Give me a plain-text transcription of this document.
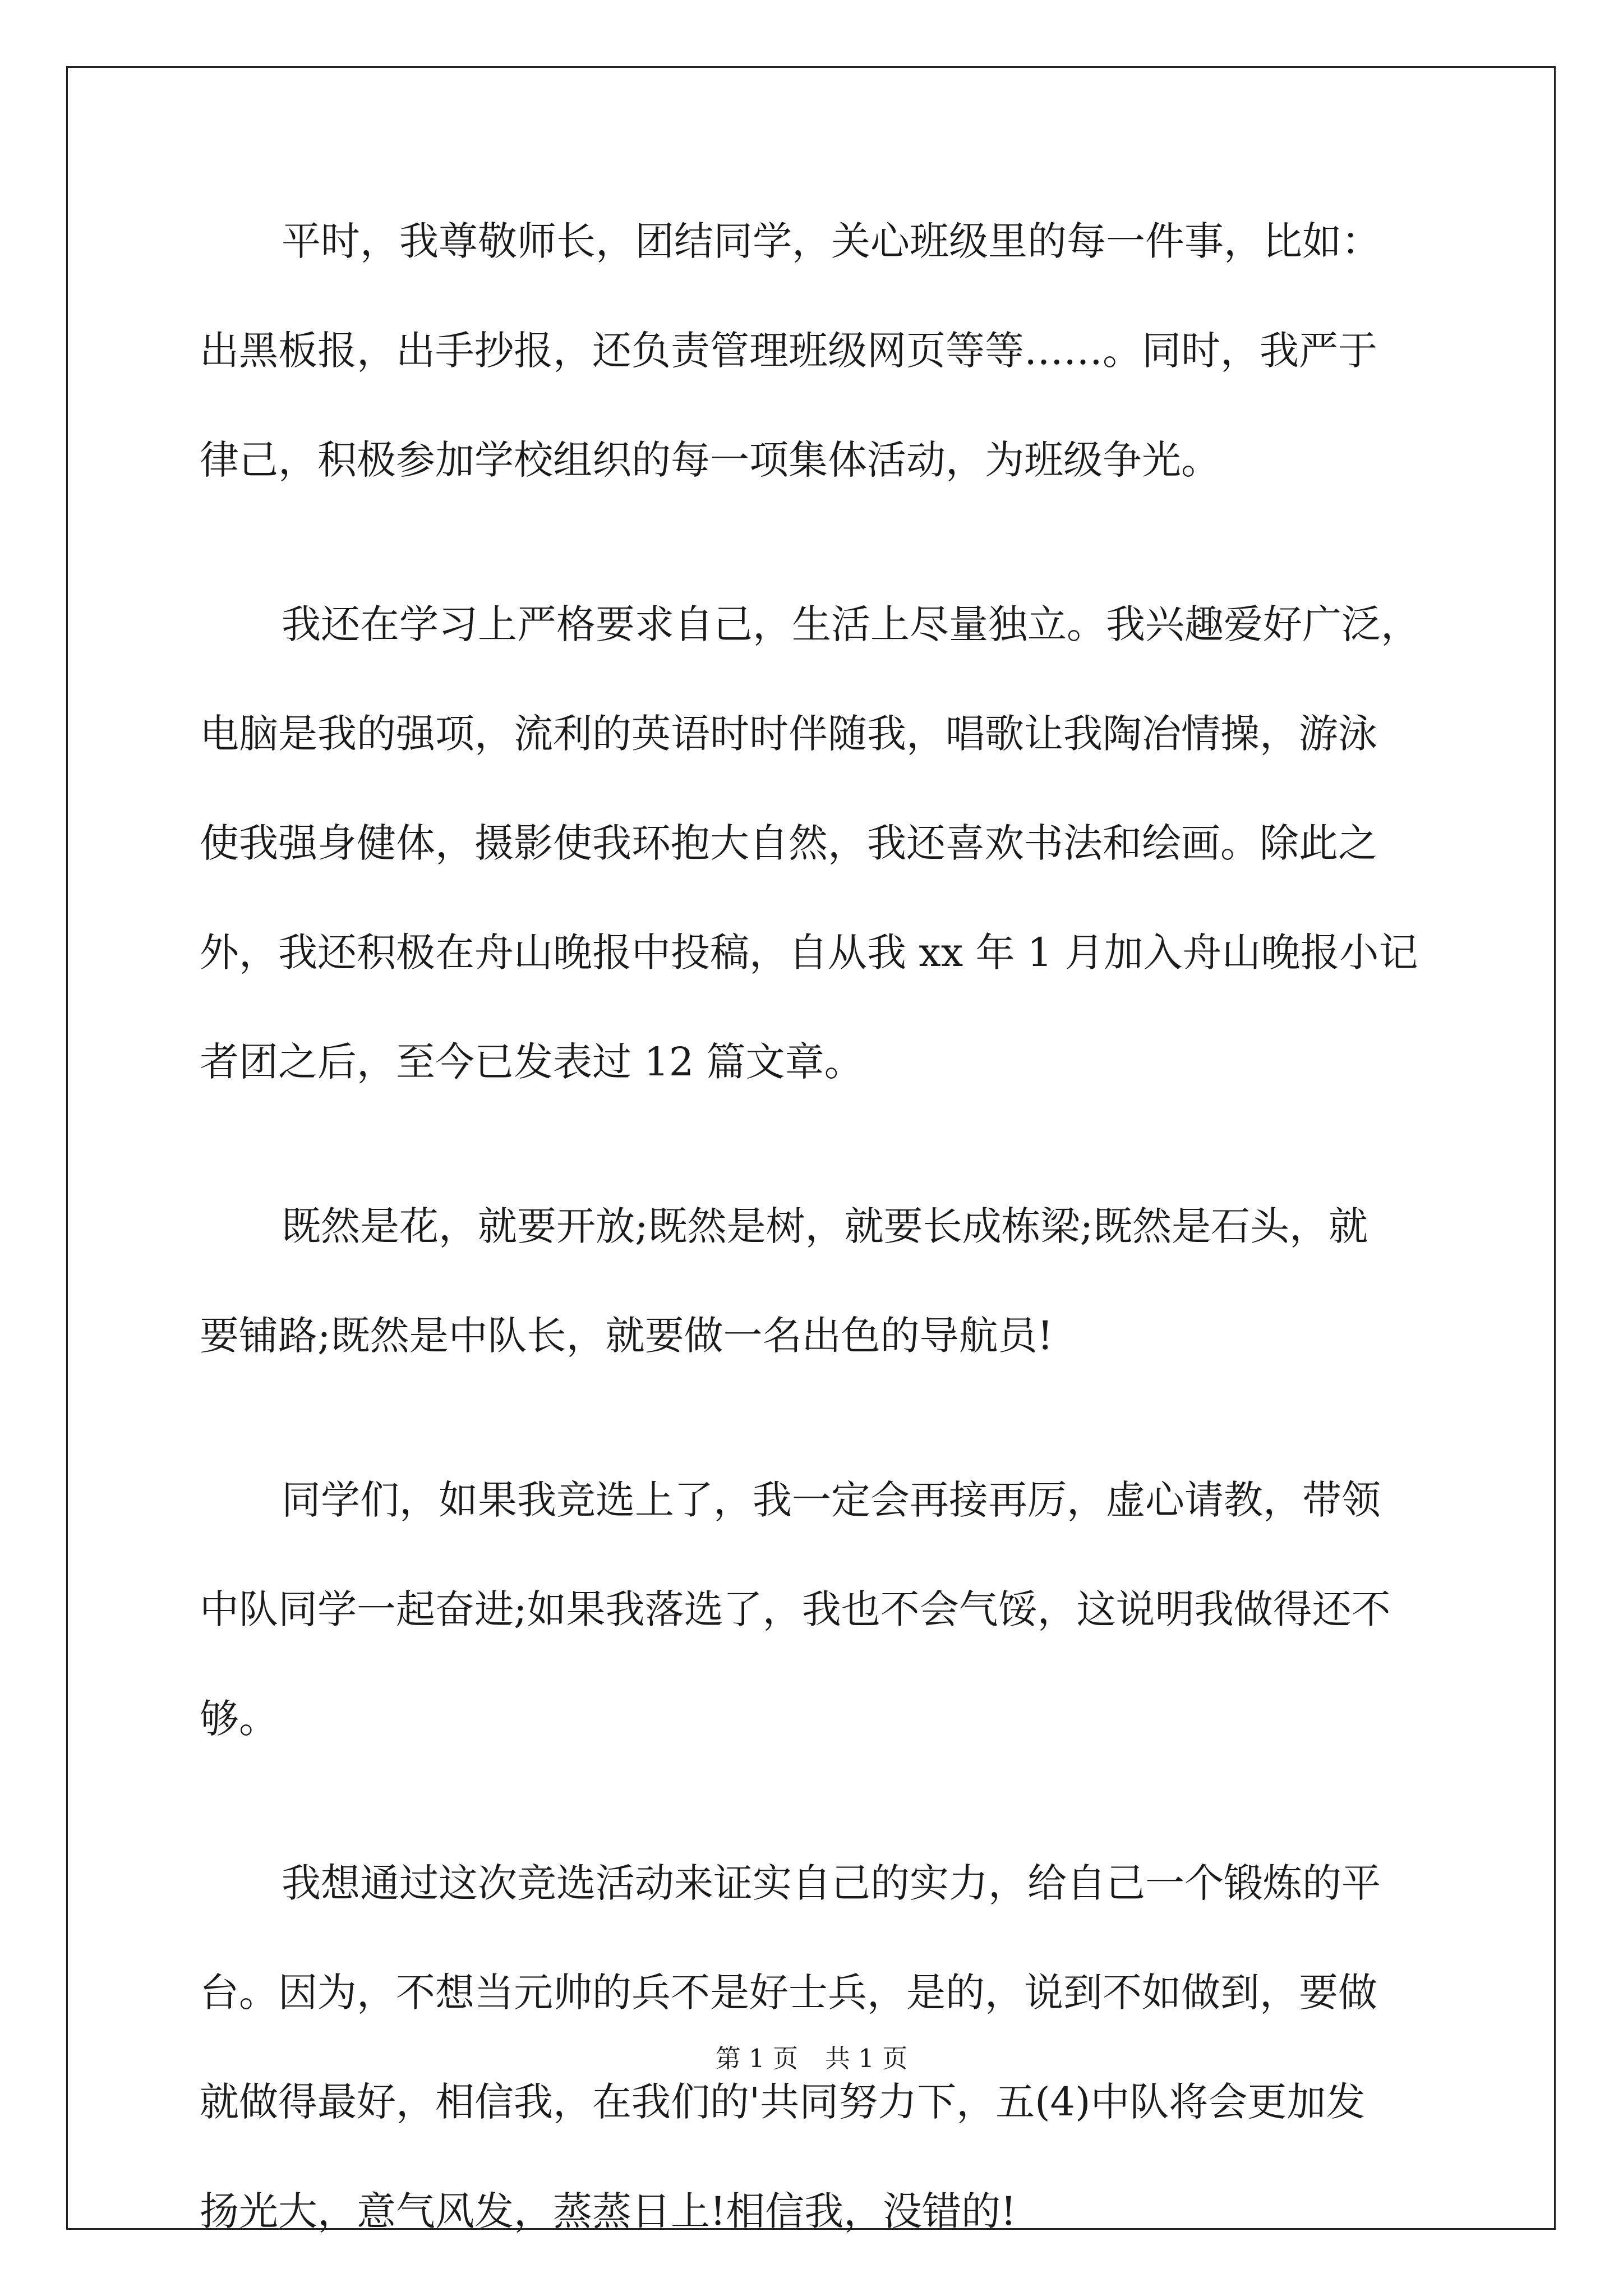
平时，我尊敬师长，团结同学，关心班级里的每一件事，比如：
出黑板报，出手抄报，还负责管理班级网页等等……。同时，我严于
律己，积极参加学校组织的每一项集体活动，为班级争光。
我还在学习上严格要求自己，生活上尽量独立。我兴趣爱好广泛，
电脑是我的强项，流利的英语时时伴随我，唱歌让我陶冶情操，游泳
使我强身健体，摄影使我环抱大自然，我还喜欢书法和绘画。除此之
外，我还积极在舟山晚报中投稿，自从我 xx 年 1 月加入舟山晚报小记
者团之后，至今已发表过 12 篇文章。
既然是花，就要开放;既然是树，就要长成栋梁;既然是石头，就
要铺路;既然是中队长，就要做一名出色的导航员!
同学们，如果我竞选上了，我一定会再接再厉，虚心请教，带领
中队同学一起奋进;如果我落选了，我也不会气馁，这说明我做得还不
够。
我想通过这次竞选活动来证实自己的实力，给自己一个锻炼的平
台。因为，不想当元帅的兵不是好士兵，是的，说到不如做到，要做
就做得最好，相信我，在我们的'共同努力下，五(4)中队将会更加发
扬光大，意气风发，蒸蒸日上!相信我，没错的!
第 1 页 共 1 页
